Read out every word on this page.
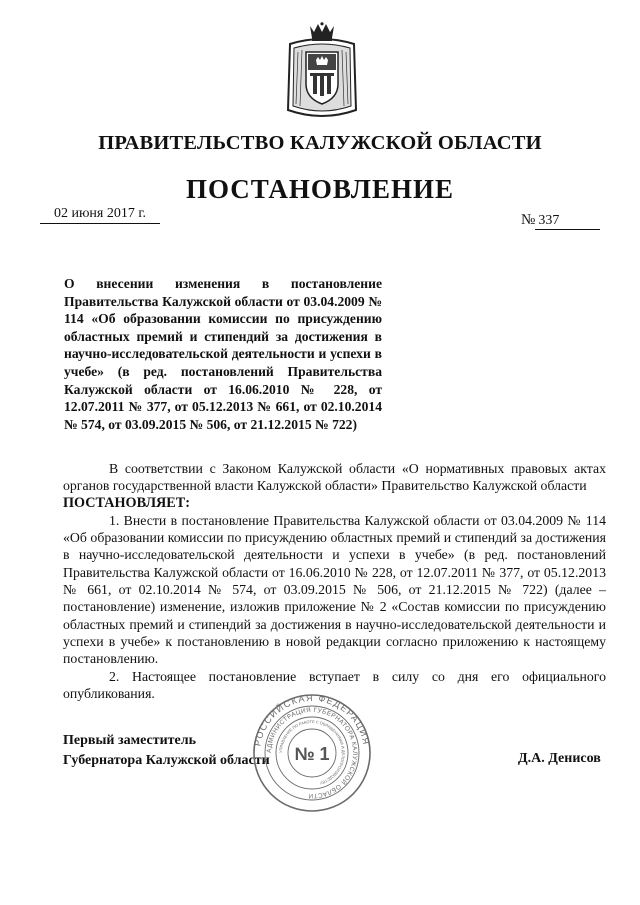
ПРАВИТЕЛЬСТВО КАЛУЖСКОЙ ОБЛАСТИ
ПОСТАНОВЛЕНИЕ
02 июня 2017 г.	№ 337
О внесении изменения в постановление Правительства Калужской области от 03.04.2009 № 114 «Об образовании комиссии по присуждению областных премий и стипендий за достижения в научно-исследовательской деятельности и успехи в учебе» (в ред. постановлений Правительства Калужской области от 16.06.2010 № 228, от 12.07.2011 № 377, от 05.12.2013 № 661, от 02.10.2014 № 574, от 03.09.2015 № 506, от 21.12.2015 № 722)

В соответствии с Законом Калужской области «О нормативных правовых актах органов государственной власти Калужской области» Правительство Калужской области

ПОСТАНОВЛЯЕТ:

1. Внести в постановление Правительства Калужской области от 03.04.2009 № 114 «Об образовании комиссии по присуждению областных премий и стипендий за достижения в научно-исследовательской деятельности и успехи в учебе» (в ред. постановлений Правительства Калужской области от 16.06.2010 № 228, от 12.07.2011 № 377, от 05.12.2013 № 661, от 02.10.2014 № 574, от 03.09.2015 № 506, от 21.12.2015 № 722) (далее – постановление) изменение, изложив приложение № 2 «Состав комиссии по присуждению областных премий и стипендий за достижения в научно-исследовательской деятельности и успехи в учебе» к постановлению в новой редакции согласно приложению к настоящему постановлению.

2. Настоящее постановление вступает в силу со дня его официального опубликования.

Первый заместитель
Губернатора Калужской области	Д.А. Денисов
РОССИЙСКАЯ ФЕДЕРАЦИЯ
АДМИНИСТРАЦИЯ ГУБЕРНАТОРА КАЛУЖСКОЙ ОБЛАСТИ
УПРАВЛЕНИЕ ПО РАБОТЕ С ОБРАЩЕНИЯМИ И ДЕЛОПРОИЗВОДСТВУ
№ 1
